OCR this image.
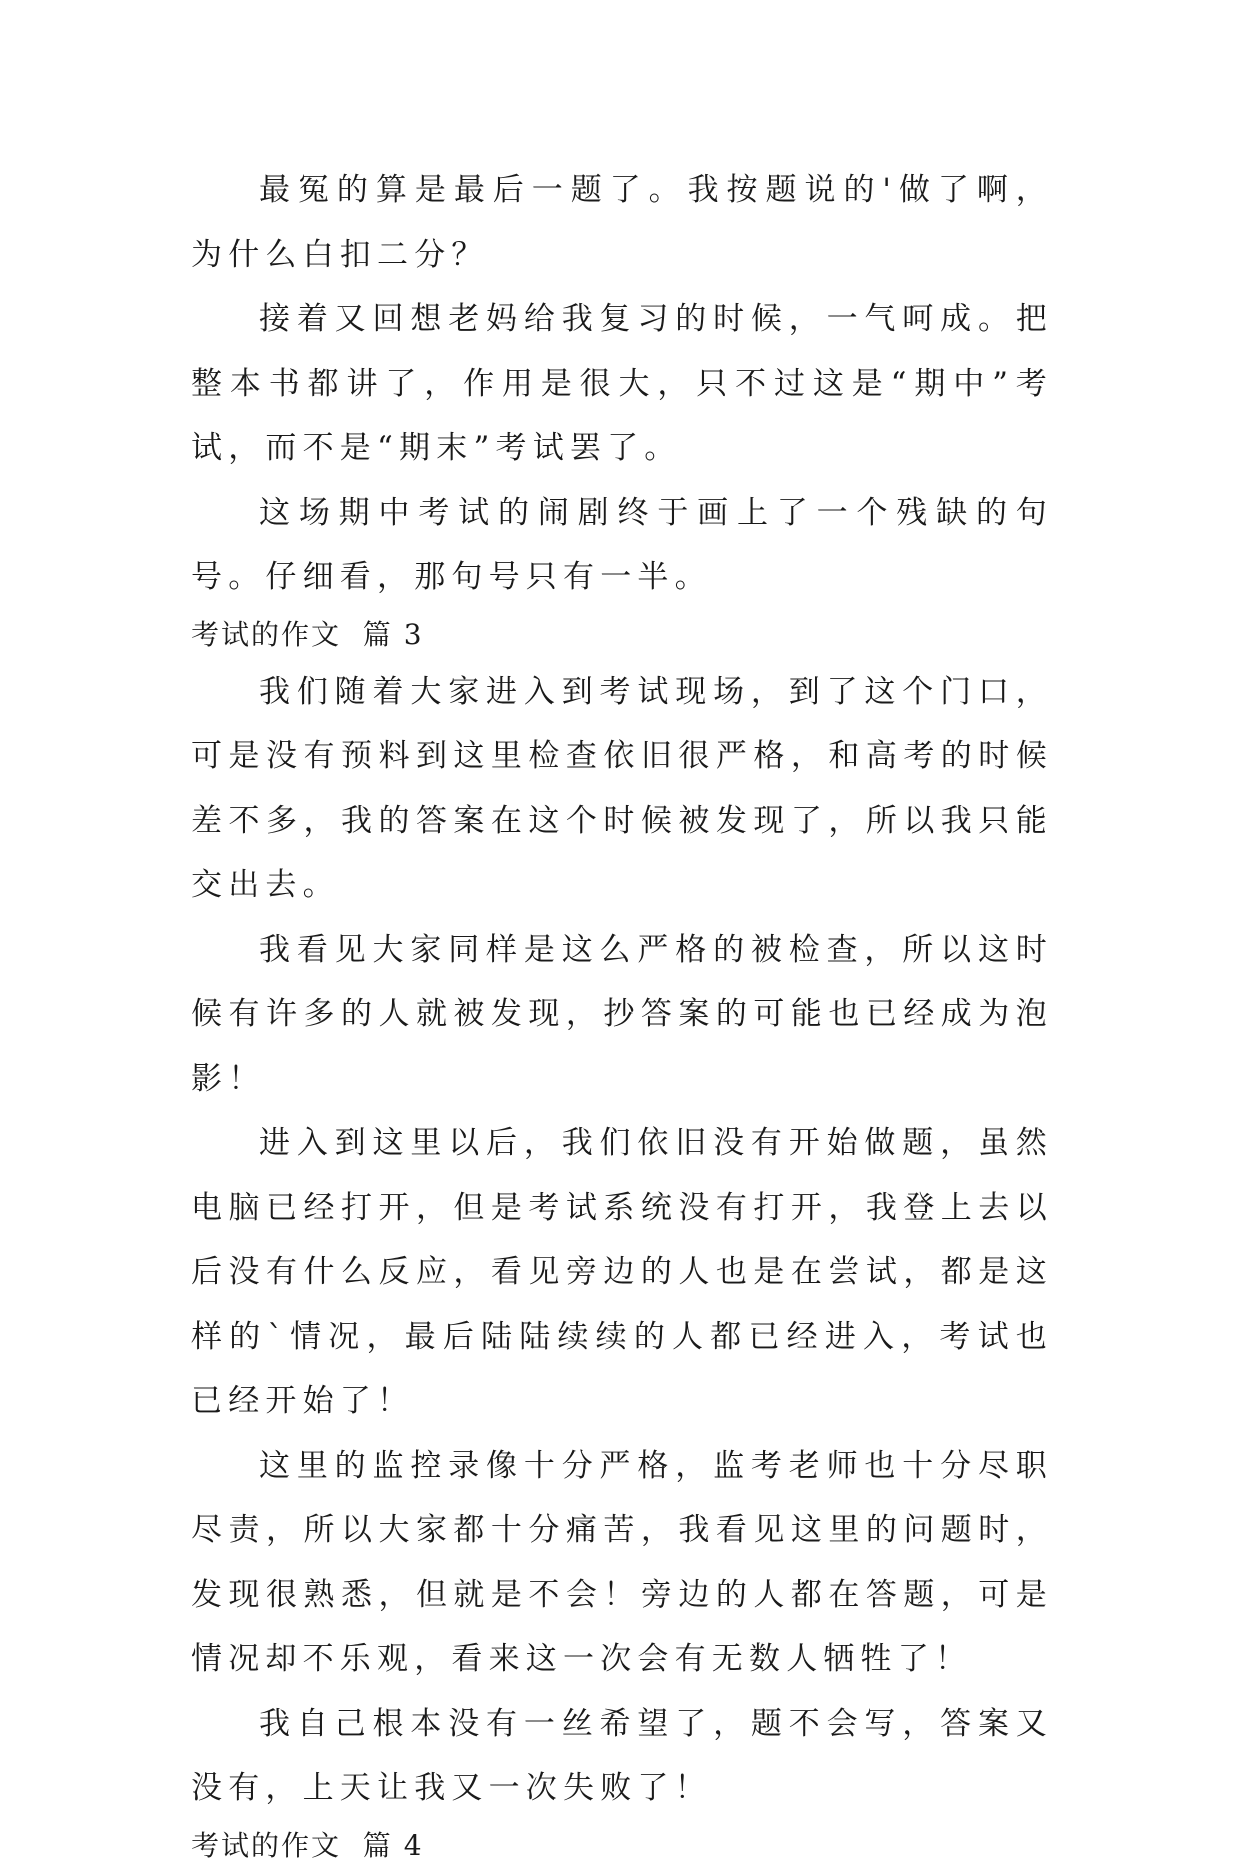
最冤的算是最后一题了。我按题说的'做了啊，为什么白扣二分？

接着又回想老妈给我复习的时候，一气呵成。把整本书都讲了，作用是很大，只不过这是“期中”考试，而不是“期末”考试罢了。

这场期中考试的闹剧终于画上了一个残缺的句号。仔细看，那句号只有一半。

考试的作文  篇 3

我们随着大家进入到考试现场，到了这个门口，可是没有预料到这里检查依旧很严格，和高考的时候差不多，我的答案在这个时候被发现了，所以我只能交出去。

我看见大家同样是这么严格的被检查，所以这时候有许多的人就被发现，抄答案的可能也已经成为泡影！

进入到这里以后，我们依旧没有开始做题，虽然电脑已经打开，但是考试系统没有打开，我登上去以后没有什么反应，看见旁边的人也是在尝试，都是这样的`情况，最后陆陆续续的人都已经进入，考试也已经开始了！

这里的监控录像十分严格，监考老师也十分尽职尽责，所以大家都十分痛苦，我看见这里的问题时，发现很熟悉，但就是不会！旁边的人都在答题，可是情况却不乐观，看来这一次会有无数人牺牲了！

我自己根本没有一丝希望了，题不会写，答案又没有，上天让我又一次失败了！

考试的作文  篇 4
